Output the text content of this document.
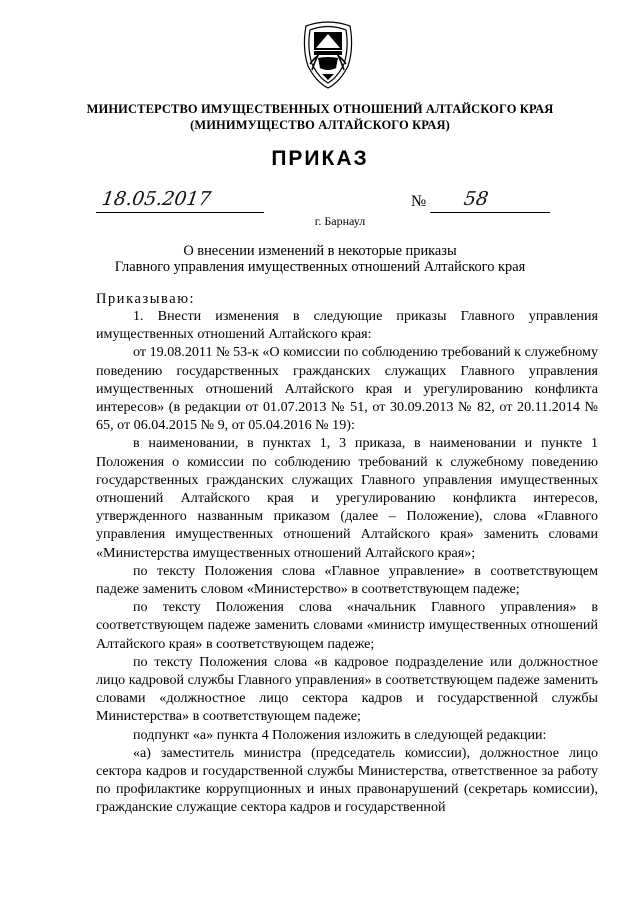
МИНИСТЕРСТВО ИМУЩЕСТВЕННЫХ ОТНОШЕНИЙ АЛТАЙСКОГО КРАЯ
(МИНИМУЩЕСТВО АЛТАЙСКОГО КРАЯ)
ПРИКАЗ
18.05.2017	№ 58
г. Барнаул
О внесении изменений в некоторые приказы
Главного управления имущественных отношений Алтайского края
Приказываю:

1. Внести изменения в следующие приказы Главного управления имущественных отношений Алтайского края:

от 19.08.2011 № 53-к «О комиссии по соблюдению требований к служебному поведению государственных гражданских служащих Главного управления имущественных отношений Алтайского края и урегулированию конфликта интересов» (в редакции от 01.07.2013 № 51, от 30.09.2013 № 82, от 20.11.2014 № 65, от 06.04.2015 № 9, от 05.04.2016 № 19):

в наименовании, в пунктах 1, 3 приказа, в наименовании и пункте 1 Положения о комиссии по соблюдению требований к служебному поведению государственных гражданских служащих Главного управления имущественных отношений Алтайского края и урегулированию конфликта интересов, утвержденного названным приказом (далее – Положение), слова «Главного управления имущественных отношений Алтайского края» заменить словами «Министерства имущественных отношений Алтайского края»;

по тексту Положения слова «Главное управление» в соответствующем падеже заменить словом «Министерство» в соответствующем падеже;

по тексту Положения слова «начальник Главного управления» в соответствующем падеже заменить словами «министр имущественных отношений Алтайского края» в соответствующем падеже;

по тексту Положения слова «в кадровое подразделение или должностное лицо кадровой службы Главного управления» в соответствующем падеже заменить словами «должностное лицо сектора кадров и государственной службы Министерства» в соответствующем падеже;

подпункт «а» пункта 4 Положения изложить в следующей редакции:

«а) заместитель министра (председатель комиссии), должностное лицо сектора кадров и государственной службы Министерства, ответственное за работу по профилактике коррупционных и иных правонарушений (секретарь комиссии), гражданские служащие сектора кадров и государственной
